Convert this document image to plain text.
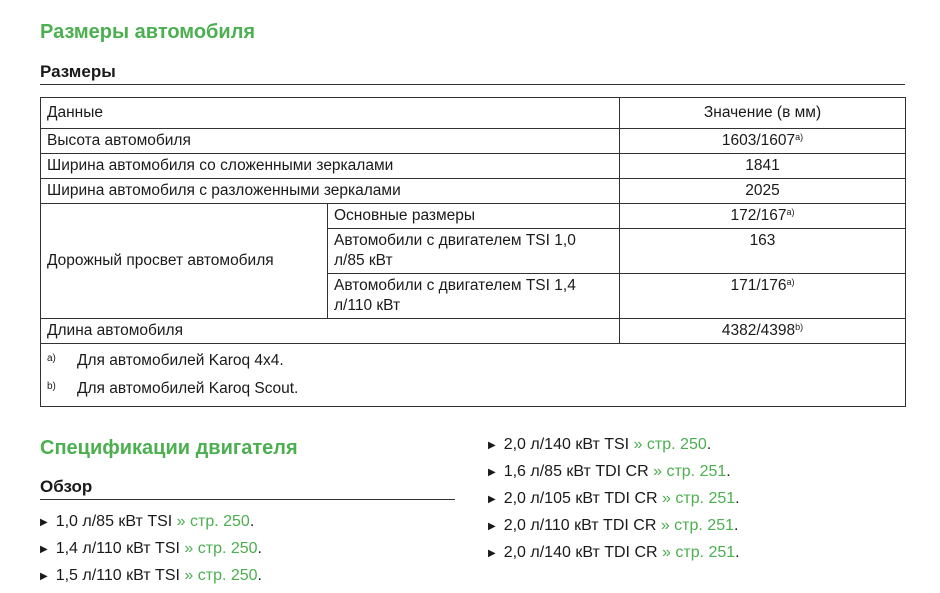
Размеры автомобиля
Размеры
Данные		Значение (в мм)
Высота автомобиля		1603/1607$^{a)}$
Ширина автомобиля со сложенными зеркалами		1841
Ширина автомобиля с разложенными зеркалами		2025
Дорожный просвет автомобиля	Основные размеры	172/167$^{a)}$
	Автомобили с двигателем TSI 1,0 л/85 кВт	163
	Автомобили с двигателем TSI 1,4 л/110 кВт	171/176$^{a)}$
Длина автомобиля		4382/4398$^{b)}$

a) Для автомобилей Karoq 4x4.
b) Для автомобилей Karoq Scout.		
Спецификации двигателя
Обзор
▶ 1,0 л/85 кВт TSI
» стр. 250 .
▶ 1,4 л/110 кВт TSI
» стр. 250 .
▶ 1,5 л/110 кВт TSI
» стр. 250 .
▶ 2,0 л/140 кВт TSI
» стр. 250 .
▶ 1,6 л/85 кВт TDI CR
» стр. 251 .
▶ 2,0 л/105 кВт TDI CR
» стр. 251 .
▶ 2,0 л/110 кВт TDI CR
» стр. 251 .
▶ 2,0 л/140 кВт TDI CR
» стр. 251 .
